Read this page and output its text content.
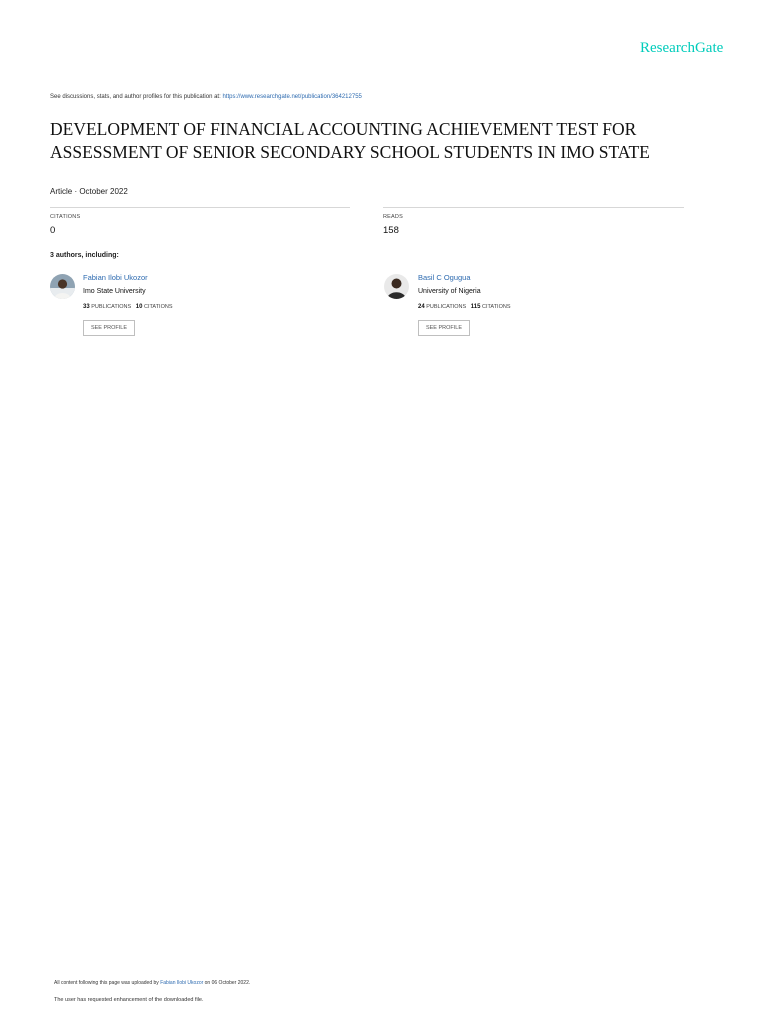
ResearchGate
See discussions, stats, and author profiles for this publication at: https://www.researchgate.net/publication/364212755
DEVELOPMENT OF FINANCIAL ACCOUNTING ACHIEVEMENT TEST FOR
ASSESSMENT OF SENIOR SECONDARY SCHOOL STUDENTS IN IMO STATE
Article · October 2022
CITATIONS
0
READS
158
3 authors, including:
Fabian Ilobi Ukozor
Imo State University
33 PUBLICATIONS 10 CITATIONS
SEE PROFILE
Basil C Ogugua
University of Nigeria
24 PUBLICATIONS 115 CITATIONS
SEE PROFILE
All content following this page was uploaded by Fabian Ilobi Ukozor on 06 October 2022.
The user has requested enhancement of the downloaded file.
